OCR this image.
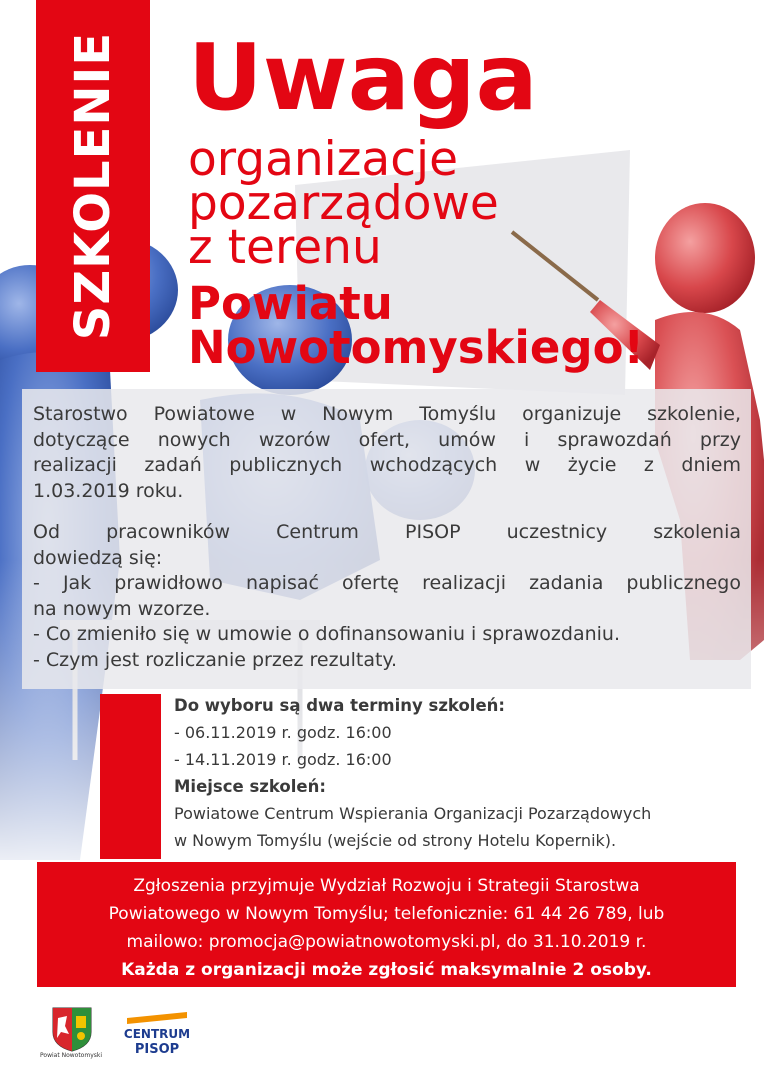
SZKOLENIE Uwaga
organizacje
pozarządowe
z terenu
Powiatu
Nowotomyskiego!
Starostwo Powiatowe w Nowym Tomyślu organizuje szkolenie,
dotyczące nowych wzorów ofert, umów i sprawozdań przy
realizacji zadań publicznych wchodzących w życie z dniem
1.03.2019 roku.
Od pracowników Centrum PISOP uczestnicy szkolenia
dowiedzą się:
- Jak prawidłowo napisać ofertę realizacji zadania publicznego
na nowym wzorze.
- Co zmieniło się w umowie o dofinansowaniu i sprawozdaniu.
- Czym jest rozliczanie przez rezultaty.
Do wyboru są dwa terminy szkoleń:
- 06.11.2019 r. godz. 16:00
- 14.11.2019 r. godz. 16:00
Miejsce szkoleń:
Powiatowe Centrum Wspierania Organizacji Pozarządowych
w Nowym Tomyślu (wejście od strony Hotelu Kopernik).
Zgłoszenia przyjmuje Wydział Rozwoju i Strategii Starostwa
Powiatowego w Nowym Tomyślu; telefonicznie: 61 44 26 789, lub
mailowo: promocja@powiatnowotomyski.pl, do 31.10.2019 r.
Każda z organizacji może zgłosić maksymalnie 2 osoby.
Powiat Nowotomyski
CENTRUM
PISOP
